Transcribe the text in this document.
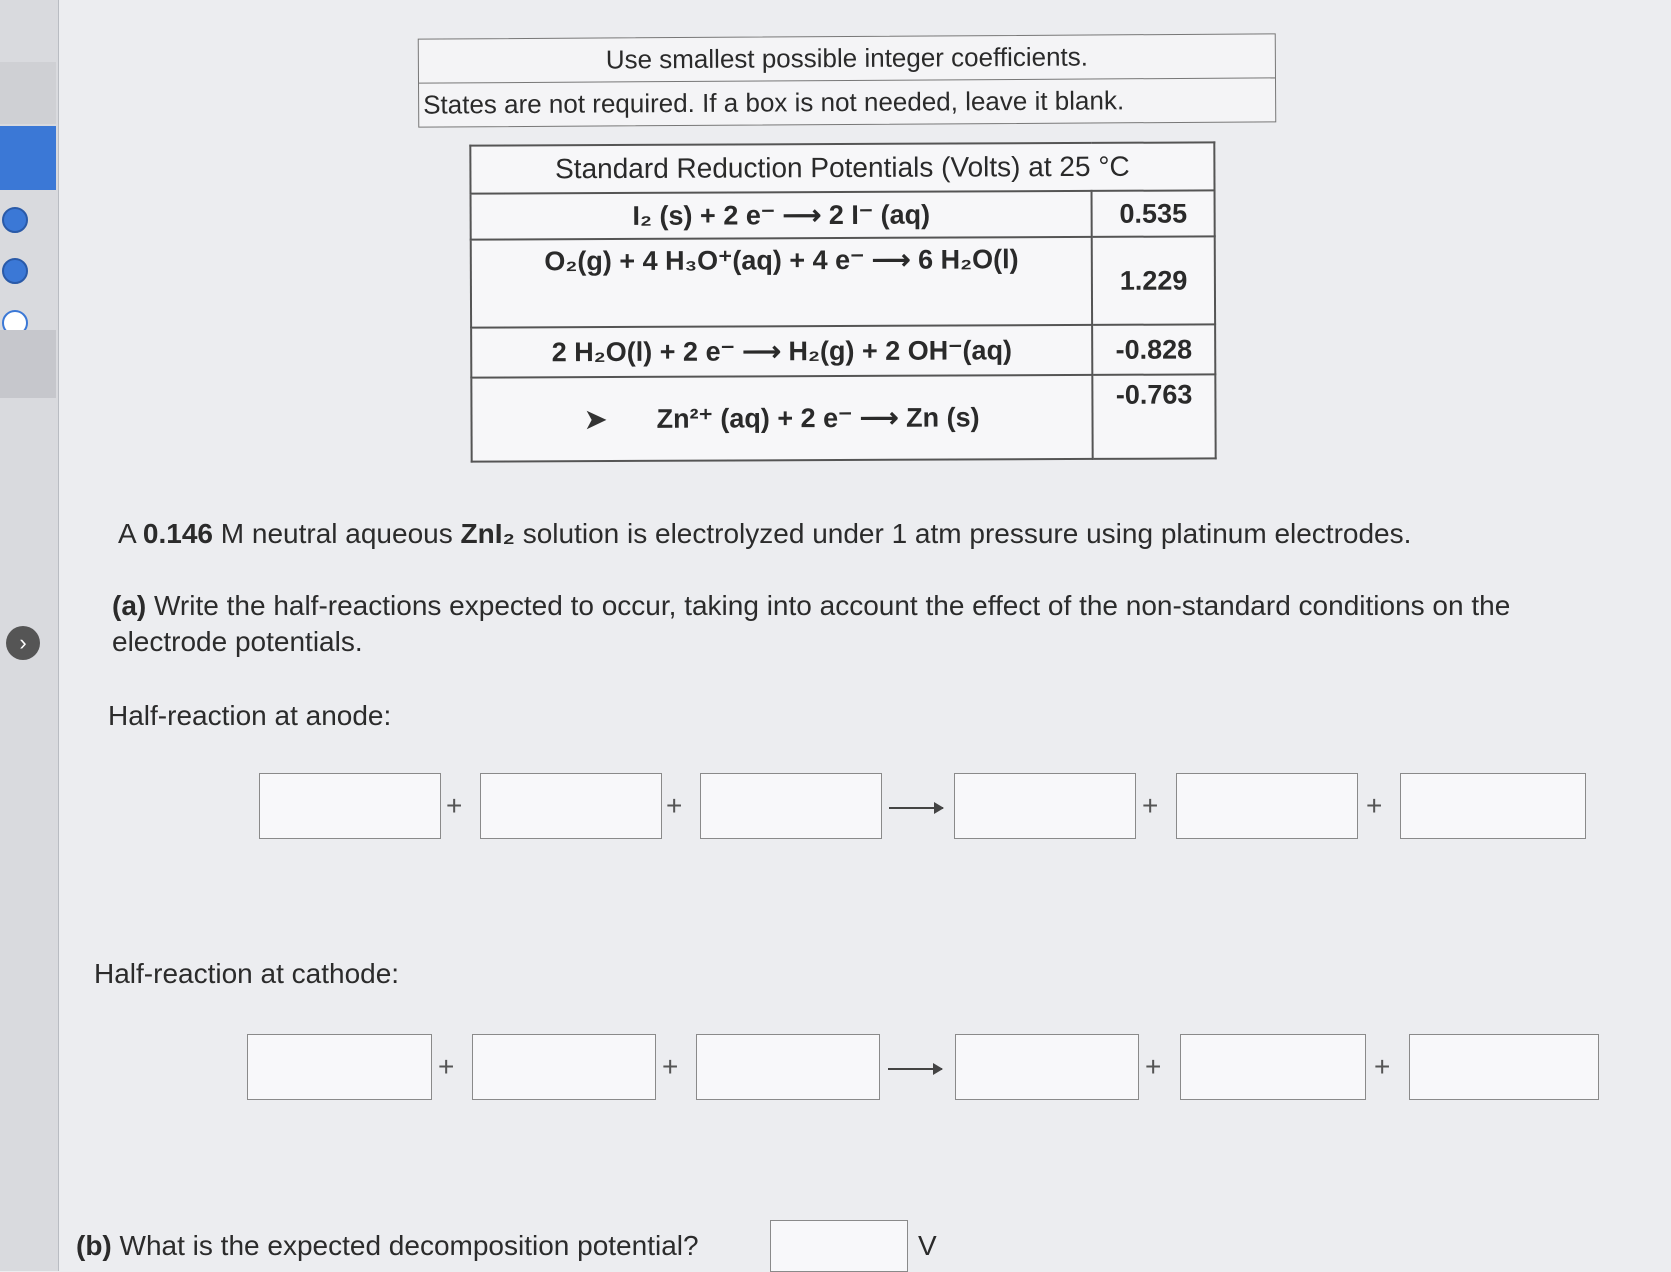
›
Use smallest possible integer coefficients.
States are not required. If a box is not needed, leave it blank.
Standard Reduction Potentials (Volts) at 25 °C	
I₂ (s) + 2 e⁻ ⟶ 2 I⁻ (aq)	0.535
O₂(g) + 4 H₃O⁺(aq) + 4 e⁻ ⟶ 6 H₂O(l)	1.229
2 H₂O(l) + 2 e⁻ ⟶ H₂(g) + 2 OH⁻(aq)	-0.828
➤ Zn²⁺ (aq) + 2 e⁻ ⟶ Zn (s)	-0.763
A 0.146 M neutral aqueous ZnI₂ solution is electrolyzed under 1 atm pressure using platinum electrodes.
(a) Write the half-reactions expected to occur, taking into account the effect of the non-standard conditions on the electrode potentials.
Half-reaction at anode:
+	+	+	+
Half-reaction at cathode:
+	+	+	+
(b) What is the expected decomposition potential?	V
